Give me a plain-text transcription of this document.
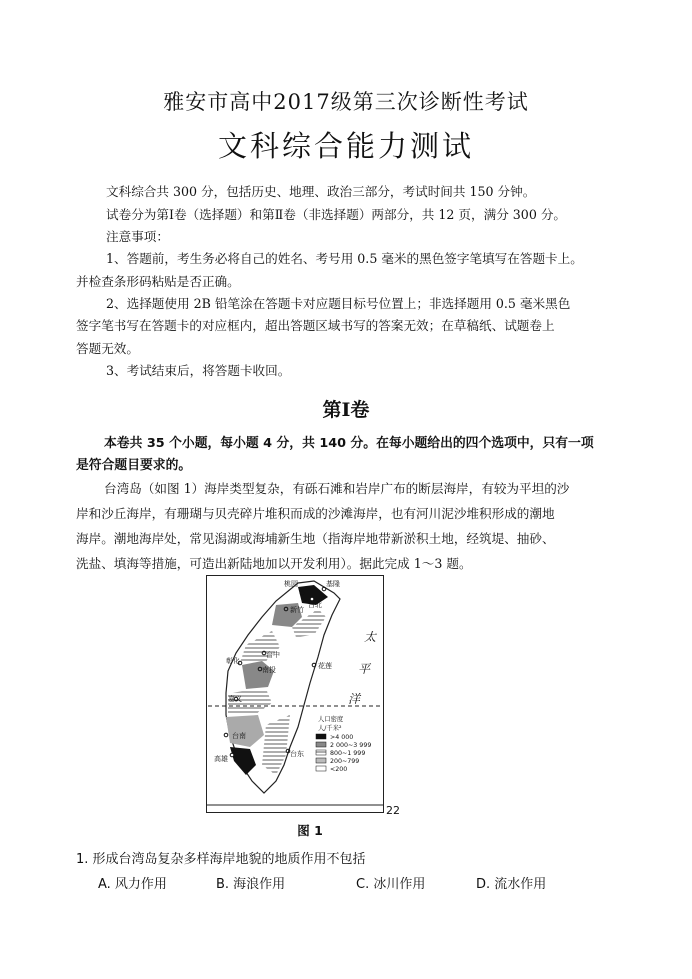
雅安市高中2017级第三次诊断性考试
文科综合能力测试
文科综合共 300 分，包括历史、地理、政治三部分，考试时间共 150 分钟。
试卷分为第Ⅰ卷（选择题）和第Ⅱ卷（非选择题）两部分，共 12 页，满分 300 分。
注意事项：
1、答题前，考生务必将自己的姓名、考号用 0.5 毫米的黑色签字笔填写在答题卡上。
并检查条形码粘贴是否正确。
2、选择题使用 2B 铅笔涂在答题卡对应题目标号位置上；非选择题用 0.5 毫米黑色
签字笔书写在答题卡的对应框内，超出答题区域书写的答案无效；在草稿纸、试题卷上
答题无效。
3、考试结束后，将答题卡收回。
第Ⅰ卷
本卷共 35 个小题，每小题 4 分，共 140 分。在每小题给出的四个选项中，只有一项
是符合题目要求的。
台湾岛（如图 1）海岸类型复杂，有砾石滩和岩岸广布的断层海岸，有较为平坦的沙
岸和沙丘海岸，有珊瑚与贝壳碎片堆积而成的沙滩海岸，也有河川泥沙堆积形成的潮地
海岸。潮地海岸处，常见潟湖或海埔新生地（指海岸地带新淤积土地，经筑堤、抽砂、
洗盐、填海等措施，可造出新陆地加以开发利用）。据此完成 1～3 题。
桃园	基隆
台北
新竹
台中
彰化
南投	花莲
嘉义
台南
高雄
台东
太
平
洋
人口密度
人/千米²
>4 000
2 000~3 999
800~1 999
200~799
<200
22
图 1
1. 形成台湾岛复杂多样海岸地貌的地质作用不包括
A. 风力作用	B. 海浪作用	C. 冰川作用	D. 流水作用
